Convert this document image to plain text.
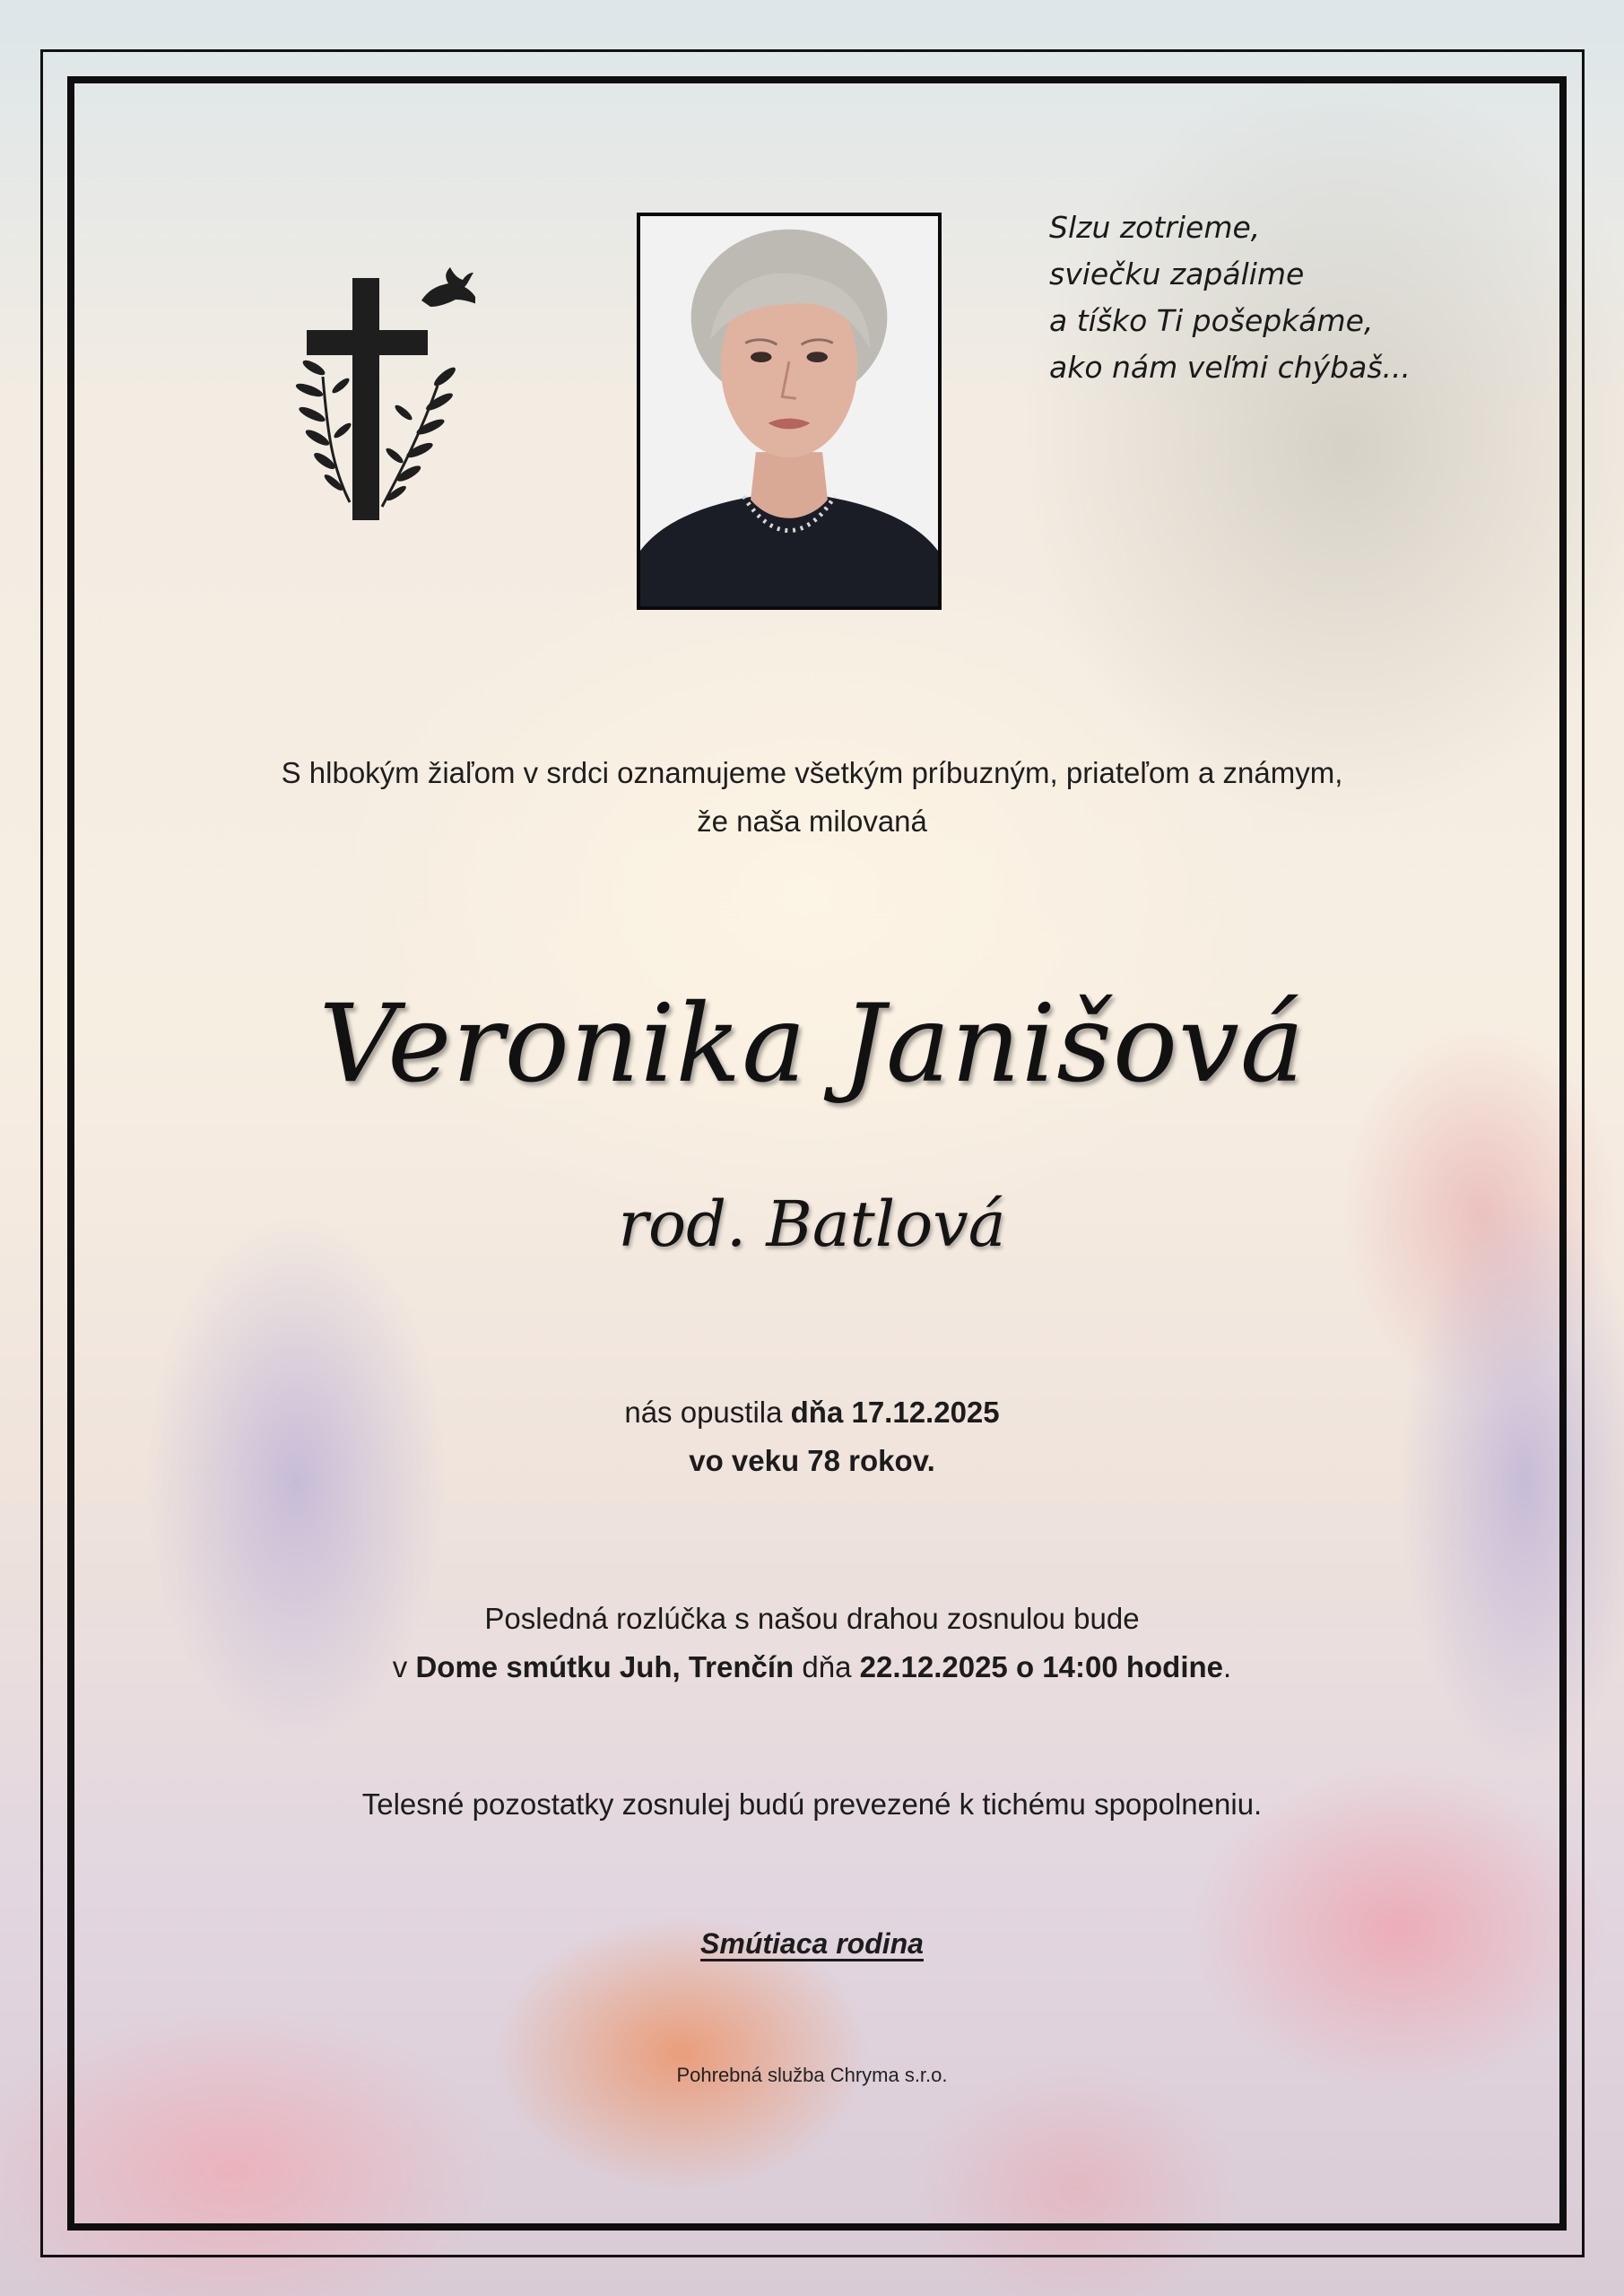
Slzu zotrieme,
sviečku zapálime
a tíško Ti pošepkáme,
ako nám veľmi chýbaš...
S hlbokým žiaľom v srdci oznamujeme všetkým príbuzným, priateľom a známym,
že naša milovaná
Veronika Janišová
rod. Batlová
nás opustila dňa 17.12.2025
vo veku 78 rokov.
Posledná rozlúčka s našou drahou zosnulou bude
v Dome smútku Juh, Trenčín dňa 22.12.2025 o 14:00 hodine.
Telesné pozostatky zosnulej budú prevezené k tichému spopolneniu.
Smútiaca rodina
Pohrebná služba Chryma s.r.o.
